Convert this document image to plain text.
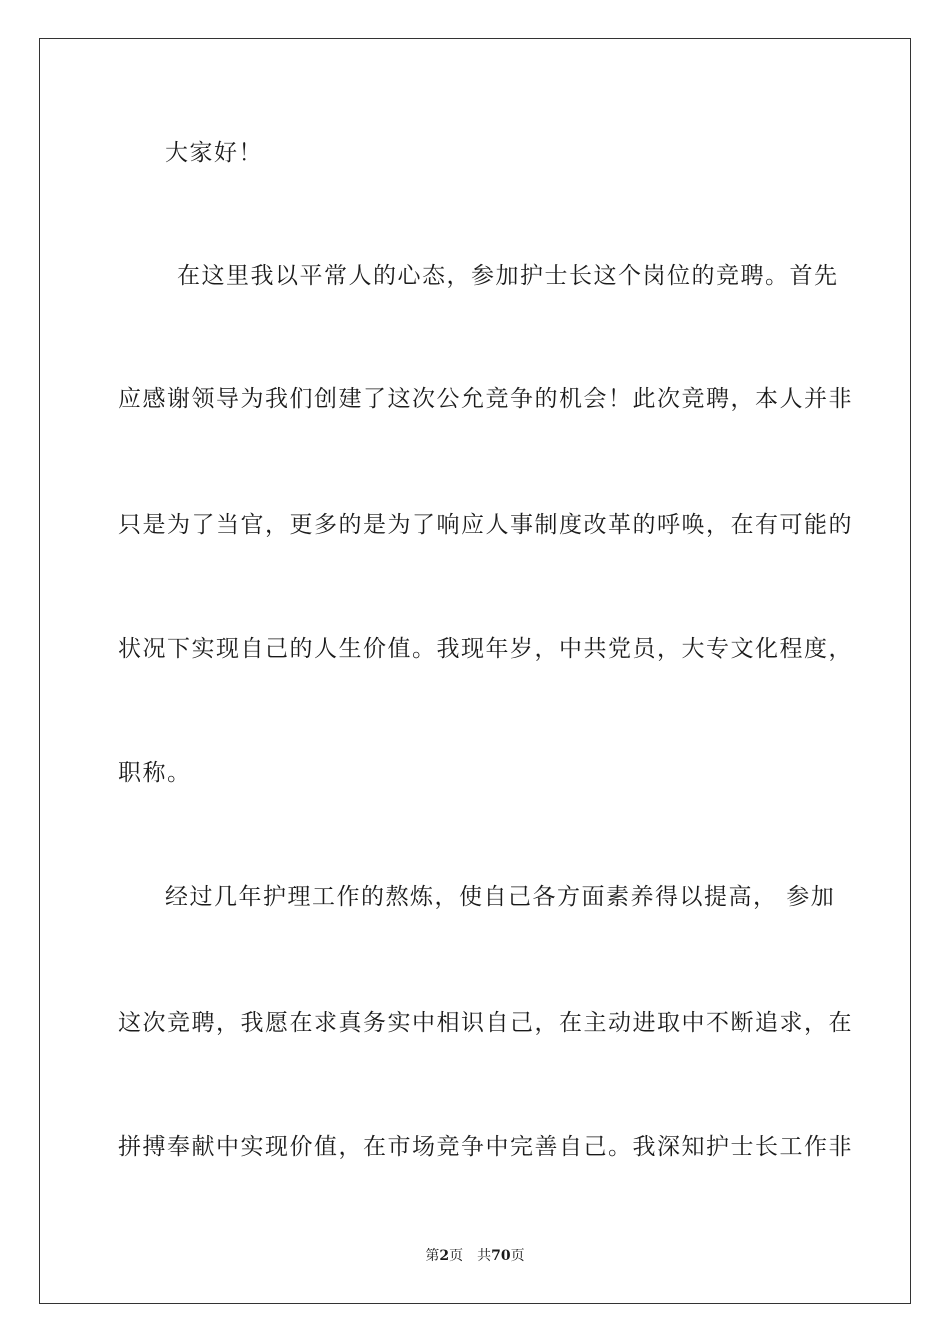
大家好！
在这里我以平常人的心态，参加护士长这个岗位的竞聘。首先
应感谢领导为我们创建了这次公允竞争的机会！此次竞聘，本人并非
只是为了当官，更多的是为了响应人事制度改革的呼唤，在有可能的
状况下实现自己的人生价值。我现年岁，中共党员，大专文化程度，
职称。
经过几年护理工作的熬炼，使自己各方面素养得以提高， 参加
这次竞聘，我愿在求真务实中相识自己，在主动进取中不断追求，在
拼搏奉献中实现价值，在市场竞争中完善自己。我深知护士长工作非
第2页 共70页
